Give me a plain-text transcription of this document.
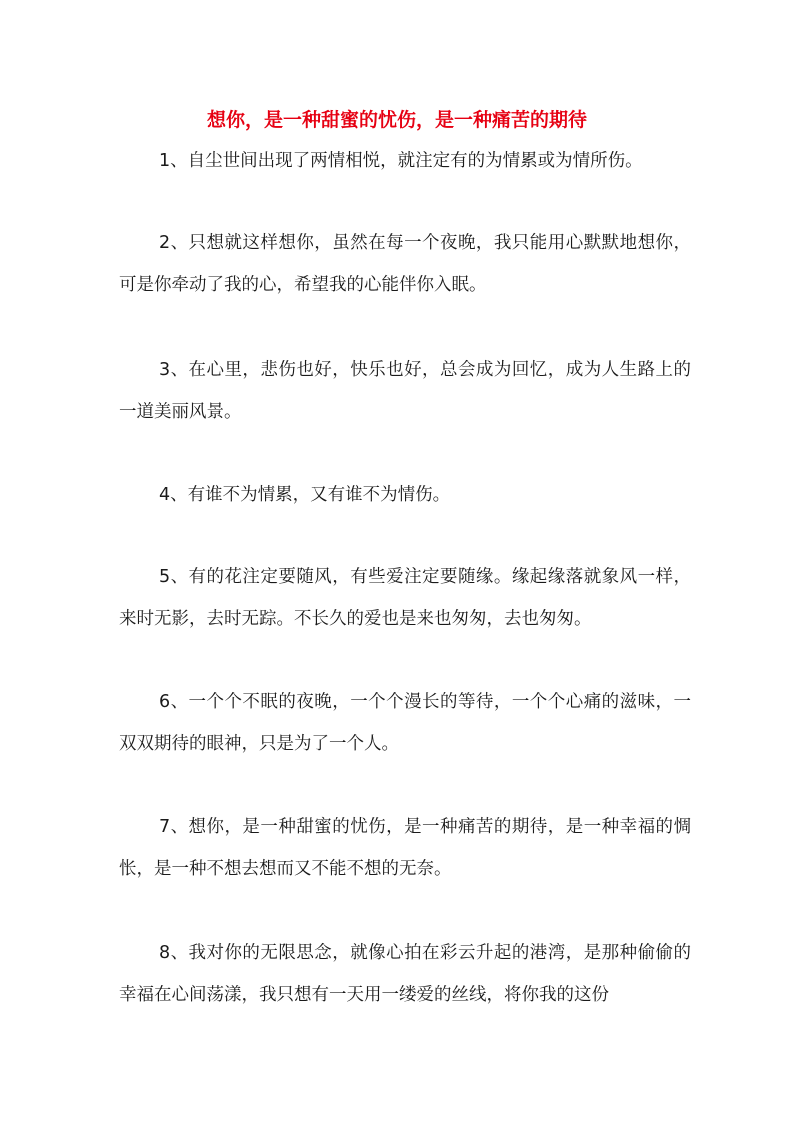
想你，是一种甜蜜的忧伤，是一种痛苦的期待

1、自尘世间出现了两情相悦，就注定有的为情累或为情所伤。

2、只想就这样想你，虽然在每一个夜晚，我只能用心默默地想你，可是你牵动了我的心，希望我的心能伴你入眠。

3、在心里，悲伤也好，快乐也好，总会成为回忆，成为人生路上的一道美丽风景。

4、有谁不为情累，又有谁不为情伤。

5、有的花注定要随风，有些爱注定要随缘。缘起缘落就象风一样，来时无影，去时无踪。不长久的爱也是来也匆匆，去也匆匆。

6、一个个不眠的夜晚，一个个漫长的等待，一个个心痛的滋味，一双双期待的眼神，只是为了一个人。

7、想你，是一种甜蜜的忧伤，是一种痛苦的期待，是一种幸福的惆怅，是一种不想去想而又不能不想的无奈。

8、我对你的无限思念，就像心拍在彩云升起的港湾，是那种偷偷的幸福在心间荡漾，我只想有一天用一缕爱的丝线，将你我的这份
